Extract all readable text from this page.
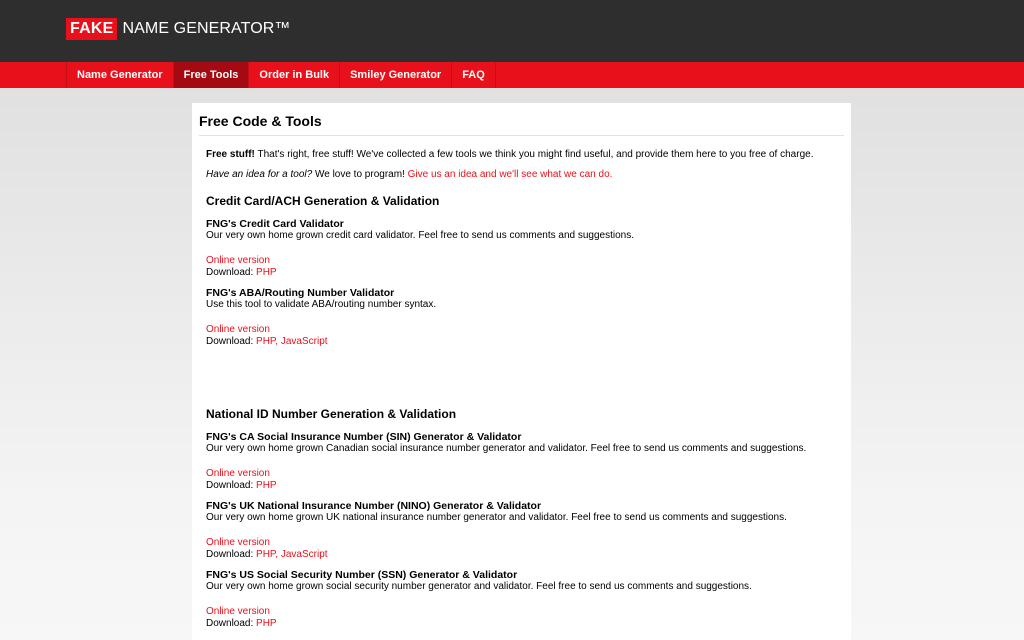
FAKE NAME GENERATOR™
Name Generator	Free Tools	Order in Bulk	Smiley Generator	FAQ
Free Code & Tools
Free stuff! That's right, free stuff! We've collected a few tools we think you might find useful, and provide them here to you free of charge.
Have an idea for a tool? We love to program! Give us an idea and we'll see what we can do.
Credit Card/ACH Generation & Validation
FNG's Credit Card Validator
Our very own home grown credit card validator. Feel free to send us comments and suggestions.
Online version
Download: PHP
FNG's ABA/Routing Number Validator
Use this tool to validate ABA/routing number syntax.
Online version
Download: PHP, JavaScript
National ID Number Generation & Validation
FNG's CA Social Insurance Number (SIN) Generator & Validator
Our very own home grown Canadian social insurance number generator and validator. Feel free to send us comments and suggestions.
Online version
Download: PHP
FNG's UK National Insurance Number (NINO) Generator & Validator
Our very own home grown UK national insurance number generator and validator. Feel free to send us comments and suggestions.
Online version
Download: PHP, JavaScript
FNG's US Social Security Number (SSN) Generator & Validator
Our very own home grown social security number generator and validator. Feel free to send us comments and suggestions.
Online version
Download: PHP
